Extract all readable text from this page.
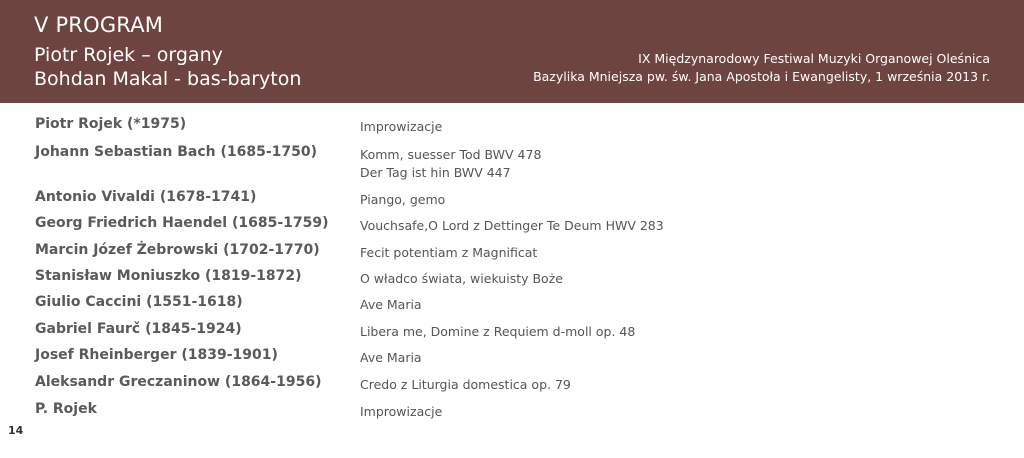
V PROGRAM
Piotr Rojek – organy
Bohdan Makal - bas-baryton
IX Międzynarodowy Festiwal Muzyki Organowej Oleśnica
Bazylika Mniejsza pw. św. Jana Apostoła i Ewangelisty, 1 września 2013 r.
Piotr Rojek (*1975)	Improwizacje
Johann Sebastian Bach (1685-1750)	Komm, suesser Tod BWV 478
Der Tag ist hin BWV 447
Antonio Vivaldi (1678-1741)	Piango, gemo
Georg Friedrich Haendel (1685-1759)	Vouchsafe,O Lord z Dettinger Te Deum HWV 283
Marcin Józef Żebrowski (1702-1770)	Fecit potentiam z Magnificat
Stanisław Moniuszko (1819-1872)	O władco świata, wiekuisty Boże
Giulio Caccini (1551-1618)	Ave Maria
Gabriel Faurč (1845-1924)	Libera me, Domine z Requiem d-moll op. 48
Josef Rheinberger (1839-1901)	Ave Maria
Aleksandr Greczaninow (1864-1956)	Credo z Liturgia domestica op. 79
P. Rojek	Improwizacje
14
